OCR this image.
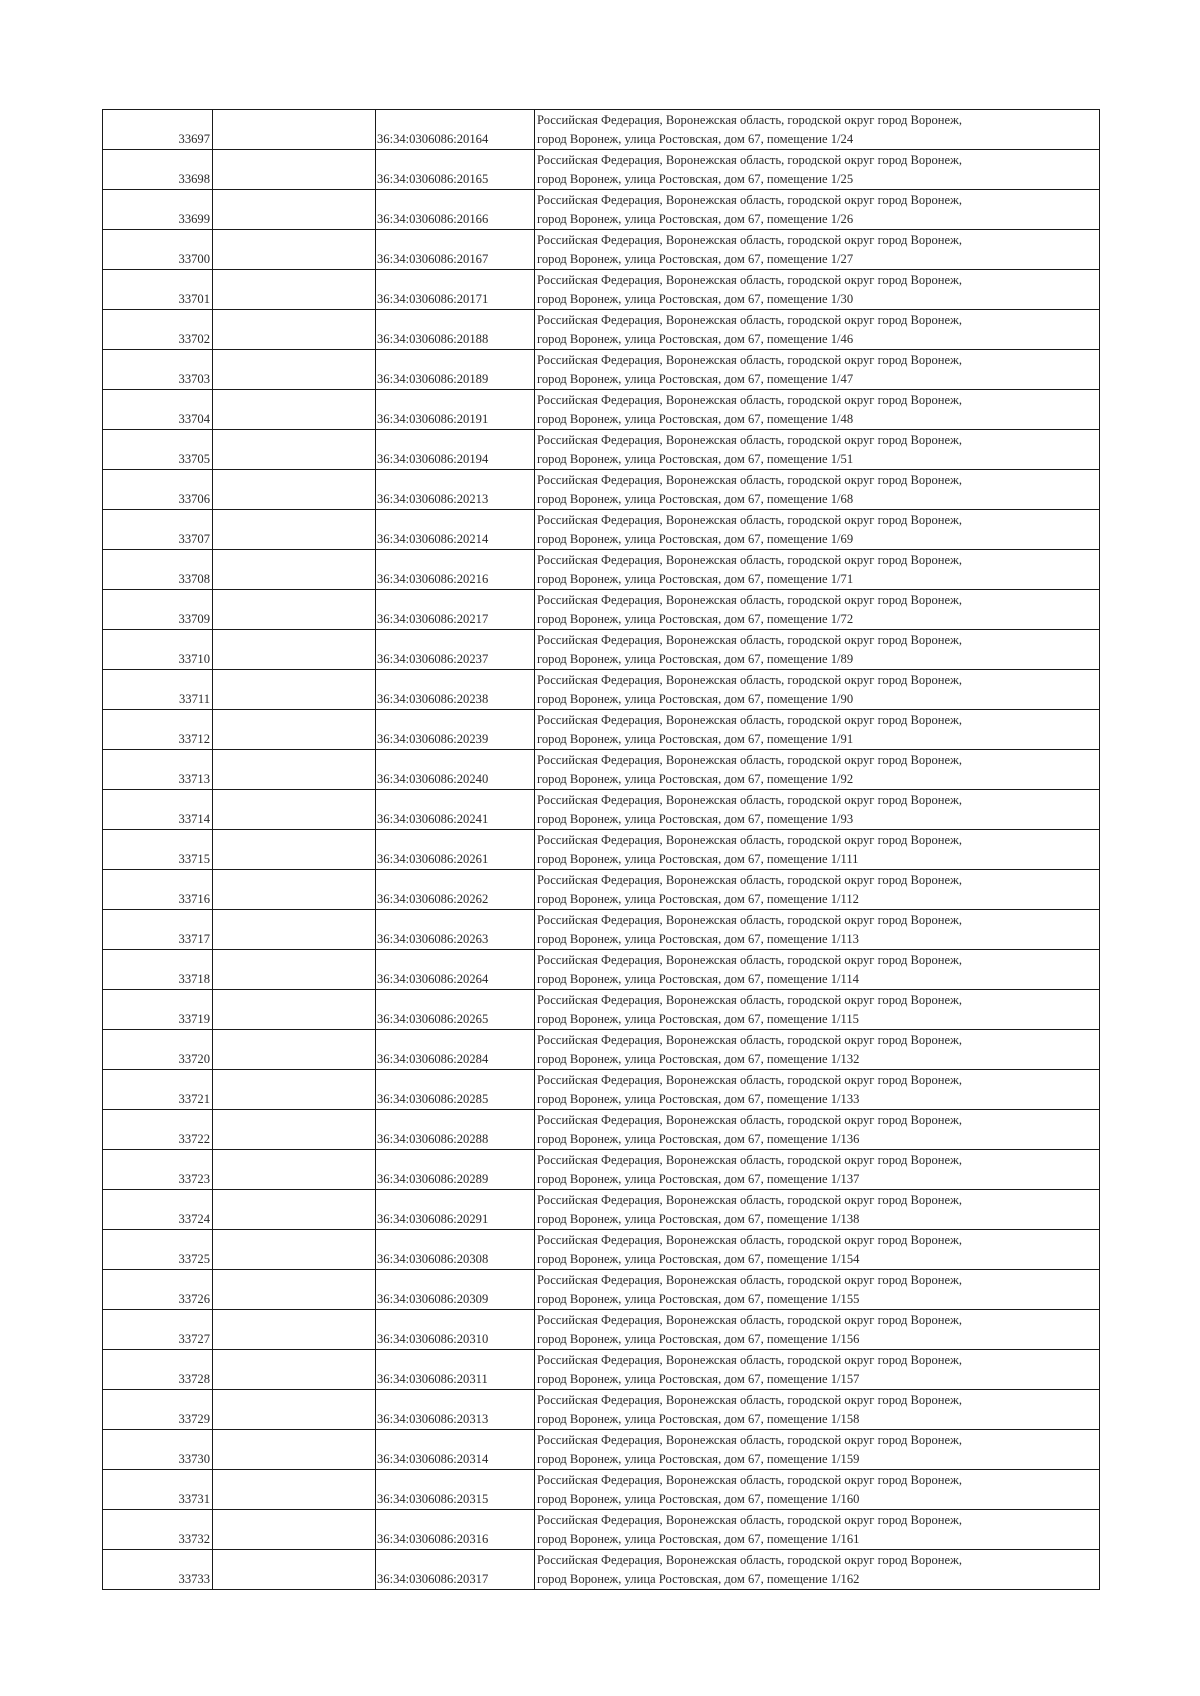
33697		36:34:0306086:20164	Российская Федерация, Воронежская область, городской округ город Воронеж,
город Воронеж, улица Ростовская, дом 67, помещение 1/24

33698		36:34:0306086:20165	Российская Федерация, Воронежская область, городской округ город Воронеж,
город Воронеж, улица Ростовская, дом 67, помещение 1/25

33699		36:34:0306086:20166	Российская Федерация, Воронежская область, городской округ город Воронеж,
город Воронеж, улица Ростовская, дом 67, помещение 1/26

33700		36:34:0306086:20167	Российская Федерация, Воронежская область, городской округ город Воронеж,
город Воронеж, улица Ростовская, дом 67, помещение 1/27

33701		36:34:0306086:20171	Российская Федерация, Воронежская область, городской округ город Воронеж,
город Воронеж, улица Ростовская, дом 67, помещение 1/30

33702		36:34:0306086:20188	Российская Федерация, Воронежская область, городской округ город Воронеж,
город Воронеж, улица Ростовская, дом 67, помещение 1/46

33703		36:34:0306086:20189	Российская Федерация, Воронежская область, городской округ город Воронеж,
город Воронеж, улица Ростовская, дом 67, помещение 1/47

33704		36:34:0306086:20191	Российская Федерация, Воронежская область, городской округ город Воронеж,
город Воронеж, улица Ростовская, дом 67, помещение 1/48

33705		36:34:0306086:20194	Российская Федерация, Воронежская область, городской округ город Воронеж,
город Воронеж, улица Ростовская, дом 67, помещение 1/51

33706		36:34:0306086:20213	Российская Федерация, Воронежская область, городской округ город Воронеж,
город Воронеж, улица Ростовская, дом 67, помещение 1/68

33707		36:34:0306086:20214	Российская Федерация, Воронежская область, городской округ город Воронеж,
город Воронеж, улица Ростовская, дом 67, помещение 1/69

33708		36:34:0306086:20216	Российская Федерация, Воронежская область, городской округ город Воронеж,
город Воронеж, улица Ростовская, дом 67, помещение 1/71

33709		36:34:0306086:20217	Российская Федерация, Воронежская область, городской округ город Воронеж,
город Воронеж, улица Ростовская, дом 67, помещение 1/72

33710		36:34:0306086:20237	Российская Федерация, Воронежская область, городской округ город Воронеж,
город Воронеж, улица Ростовская, дом 67, помещение 1/89

33711		36:34:0306086:20238	Российская Федерация, Воронежская область, городской округ город Воронеж,
город Воронеж, улица Ростовская, дом 67, помещение 1/90

33712		36:34:0306086:20239	Российская Федерация, Воронежская область, городской округ город Воронеж,
город Воронеж, улица Ростовская, дом 67, помещение 1/91

33713		36:34:0306086:20240	Российская Федерация, Воронежская область, городской округ город Воронеж,
город Воронеж, улица Ростовская, дом 67, помещение 1/92

33714		36:34:0306086:20241	Российская Федерация, Воронежская область, городской округ город Воронеж,
город Воронеж, улица Ростовская, дом 67, помещение 1/93

33715		36:34:0306086:20261	Российская Федерация, Воронежская область, городской округ город Воронеж,
город Воронеж, улица Ростовская, дом 67, помещение 1/111

33716		36:34:0306086:20262	Российская Федерация, Воронежская область, городской округ город Воронеж,
город Воронеж, улица Ростовская, дом 67, помещение 1/112

33717		36:34:0306086:20263	Российская Федерация, Воронежская область, городской округ город Воронеж,
город Воронеж, улица Ростовская, дом 67, помещение 1/113

33718		36:34:0306086:20264	Российская Федерация, Воронежская область, городской округ город Воронеж,
город Воронеж, улица Ростовская, дом 67, помещение 1/114

33719		36:34:0306086:20265	Российская Федерация, Воронежская область, городской округ город Воронеж,
город Воронеж, улица Ростовская, дом 67, помещение 1/115

33720		36:34:0306086:20284	Российская Федерация, Воронежская область, городской округ город Воронеж,
город Воронеж, улица Ростовская, дом 67, помещение 1/132

33721		36:34:0306086:20285	Российская Федерация, Воронежская область, городской округ город Воронеж,
город Воронеж, улица Ростовская, дом 67, помещение 1/133

33722		36:34:0306086:20288	Российская Федерация, Воронежская область, городской округ город Воронеж,
город Воронеж, улица Ростовская, дом 67, помещение 1/136

33723		36:34:0306086:20289	Российская Федерация, Воронежская область, городской округ город Воронеж,
город Воронеж, улица Ростовская, дом 67, помещение 1/137

33724		36:34:0306086:20291	Российская Федерация, Воронежская область, городской округ город Воронеж,
город Воронеж, улица Ростовская, дом 67, помещение 1/138

33725		36:34:0306086:20308	Российская Федерация, Воронежская область, городской округ город Воронеж,
город Воронеж, улица Ростовская, дом 67, помещение 1/154

33726		36:34:0306086:20309	Российская Федерация, Воронежская область, городской округ город Воронеж,
город Воронеж, улица Ростовская, дом 67, помещение 1/155

33727		36:34:0306086:20310	Российская Федерация, Воронежская область, городской округ город Воронеж,
город Воронеж, улица Ростовская, дом 67, помещение 1/156

33728		36:34:0306086:20311	Российская Федерация, Воронежская область, городской округ город Воронеж,
город Воронеж, улица Ростовская, дом 67, помещение 1/157

33729		36:34:0306086:20313	Российская Федерация, Воронежская область, городской округ город Воронеж,
город Воронеж, улица Ростовская, дом 67, помещение 1/158

33730		36:34:0306086:20314	Российская Федерация, Воронежская область, городской округ город Воронеж,
город Воронеж, улица Ростовская, дом 67, помещение 1/159

33731		36:34:0306086:20315	Российская Федерация, Воронежская область, городской округ город Воронеж,
город Воронеж, улица Ростовская, дом 67, помещение 1/160

33732		36:34:0306086:20316	Российская Федерация, Воронежская область, городской округ город Воронеж,
город Воронеж, улица Ростовская, дом 67, помещение 1/161

33733		36:34:0306086:20317	Российская Федерация, Воронежская область, городской округ город Воронеж,
город Воронеж, улица Ростовская, дом 67, помещение 1/162
